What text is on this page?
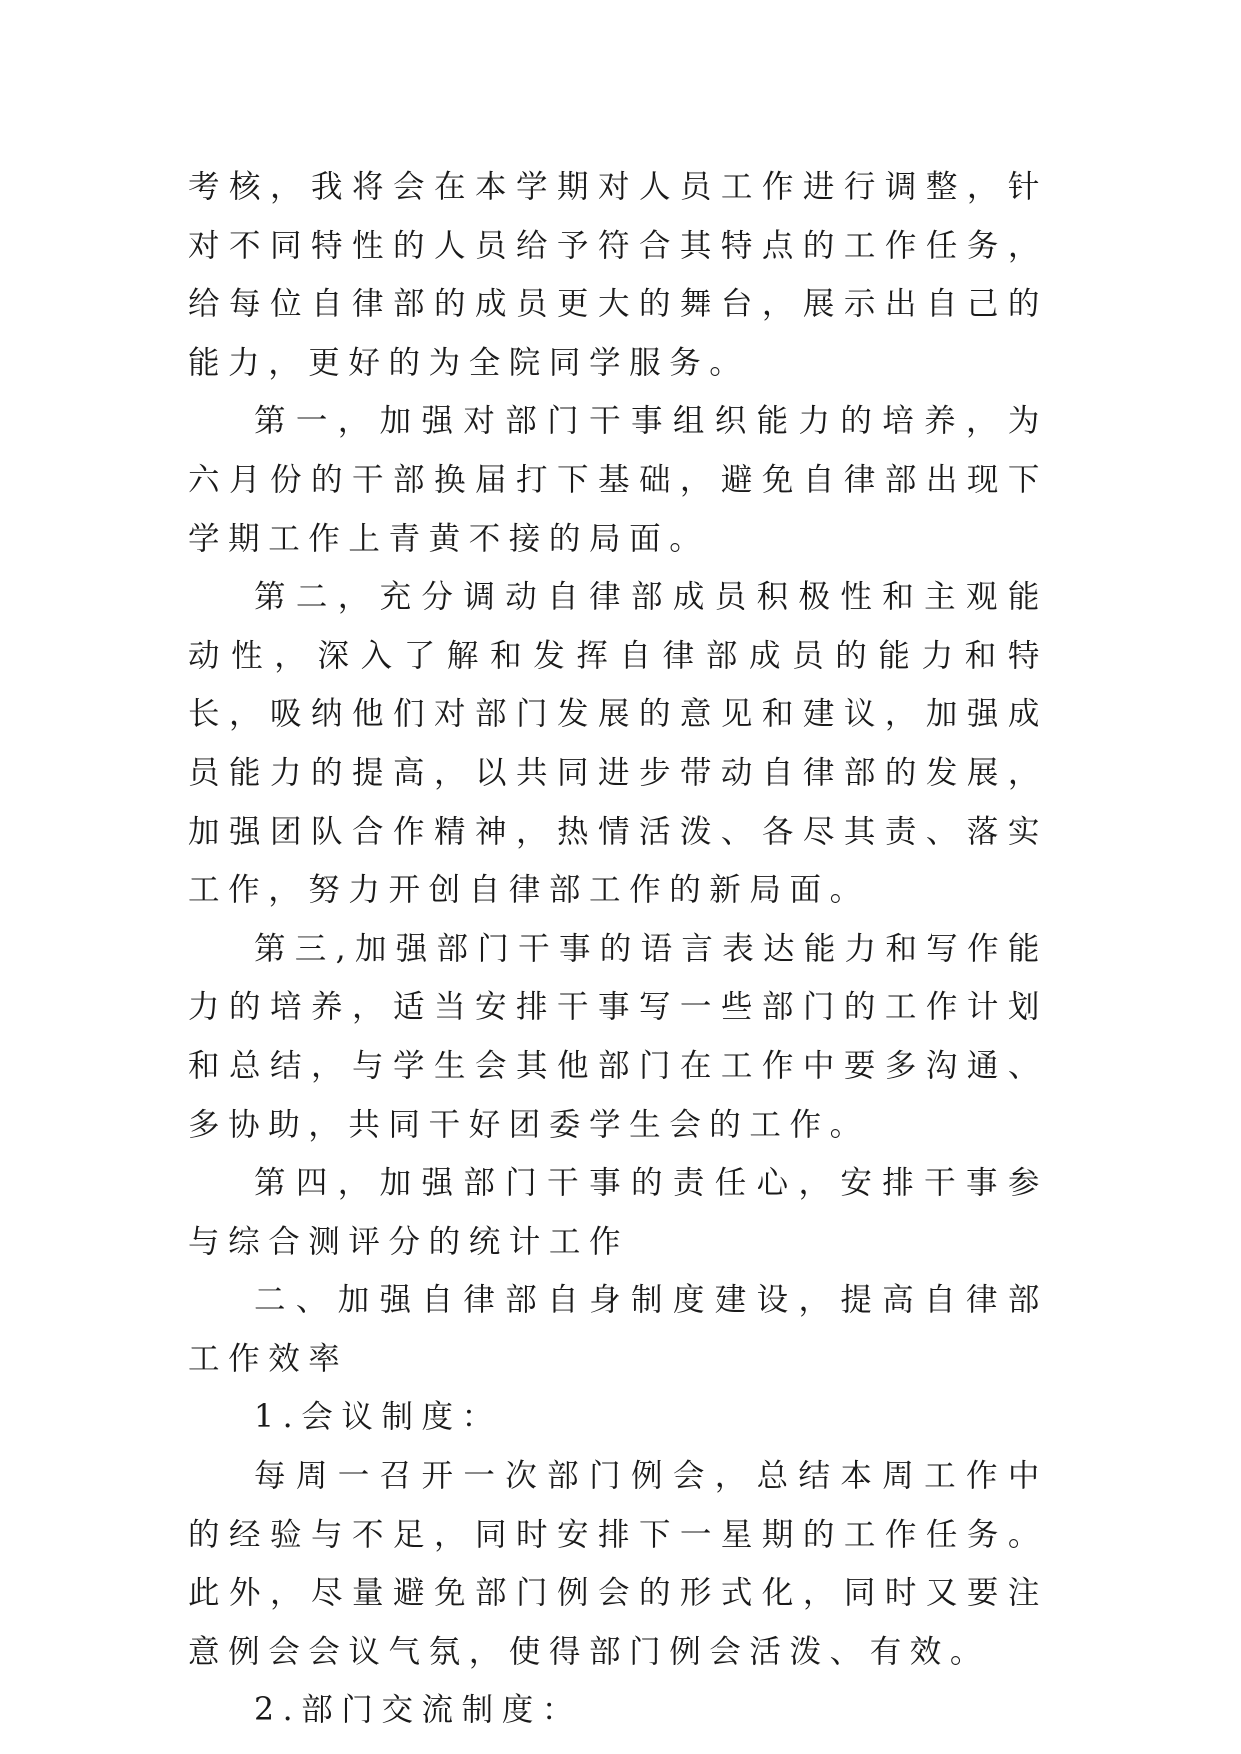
考核，我将会在本学期对人员工作进行调整，针对不同特性的人员给予符合其特点的工作任务，给每位自律部的成员更大的舞台，展示出自己的能力，更好的为全院同学服务。

第一，加强对部门干事组织能力的培养，为六月份的干部换届打下基础，避免自律部出现下学期工作上青黄不接的局面。

第二，充分调动自律部成员积极性和主观能动性，深入了解和发挥自律部成员的能力和特长，吸纳他们对部门发展的意见和建议，加强成员能力的提高，以共同进步带动自律部的发展，加强团队合作精神，热情活泼、各尽其责、落实工作，努力开创自律部工作的新局面。

第三,加强部门干事的语言表达能力和写作能力的培养，适当安排干事写一些部门的工作计划和总结，与学生会其他部门在工作中要多沟通、多协助，共同干好团委学生会的工作。

第四，加强部门干事的责任心，安排干事参与综合测评分的统计工作

二、加强自律部自身制度建设，提高自律部工作效率

1.会议制度：

每周一召开一次部门例会，总结本周工作中的经验与不足，同时安排下一星期的工作任务。 此外，尽量避免部门例会的形式化，同时又要注意例会会议气氛，使得部门例会活泼、有效。

2.部门交流制度：
